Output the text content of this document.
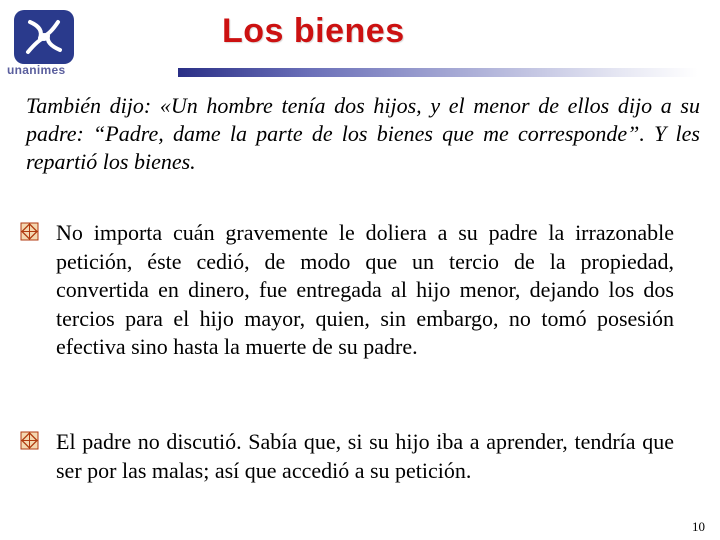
unanimes
Los bienes
También dijo: «Un hombre tenía dos hijos, y el menor de ellos dijo a su padre: “Padre, dame la parte de los bienes que me corresponde”. Y les repartió los bienes.
No importa cuán gravemente le doliera a su padre la irrazonable petición, éste cedió, de modo que un tercio de la propiedad, convertida en dinero, fue entregada al hijo menor, dejando los dos tercios para el hijo mayor, quien, sin embargo, no tomó posesión efectiva sino hasta la muerte de su padre.
El padre no discutió. Sabía que, si su hijo iba a aprender, tendría que ser por las malas; así que accedió a su petición.
10
